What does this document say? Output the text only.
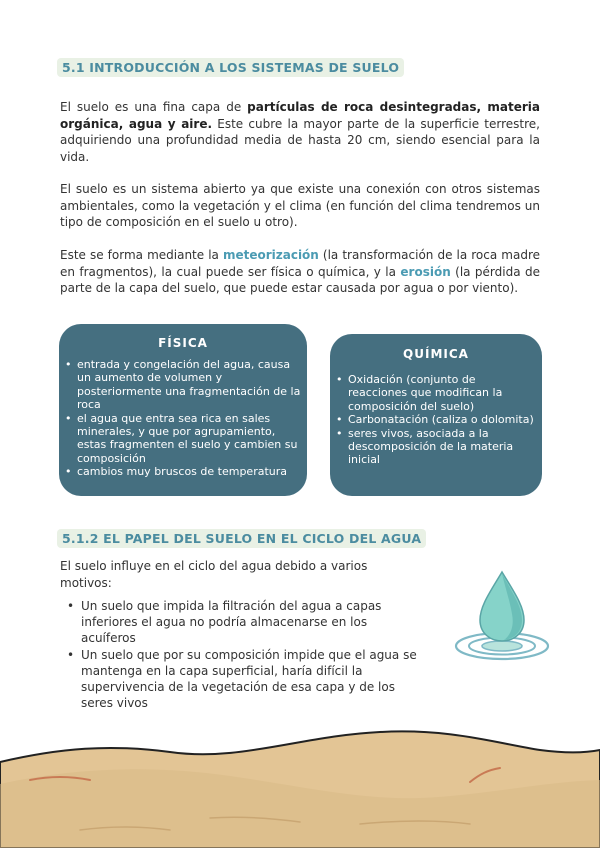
5.1 INTRODUCCIÓN A LOS SISTEMAS DE SUELO
El suelo es una fina capa de partículas de roca desintegradas, materia orgánica, agua y aire. Este cubre la mayor parte de la superficie terrestre, adquiriendo una profundidad media de hasta 20 cm, siendo esencial para la vida.
El suelo es un sistema abierto ya que existe una conexión con otros sistemas ambientales, como la vegetación y el clima (en función del clima tendremos un tipo de composición en el suelo u otro).
Este se forma mediante la meteorización (la transformación de la roca madre en fragmentos), la cual puede ser física o química, y la erosión (la pérdida de parte de la capa del suelo, que puede estar causada por agua o por viento).
FÍSICA
• entrada y congelación del agua, causa un aumento de volumen y posteriormente una fragmentación de la roca
• el agua que entra sea rica en sales minerales, y que por agrupamiento, estas fragmenten el suelo y cambien su composición
• cambios muy bruscos de temperatura
QUÍMICA
• Oxidación (conjunto de reacciones que modifican la composición del suelo)
• Carbonatación (caliza o dolomita)
• seres vivos, asociada a la descomposición de la materia inicial
5.1.2 EL PAPEL DEL SUELO EN EL CICLO DEL AGUA
El suelo influye en el ciclo del agua debido a varios motivos:
• Un suelo que impida la filtración del agua a capas inferiores el agua no podría almacenarse en los acuíferos
• Un suelo que por su composición impide que el agua se mantenga en la capa superficial, haría difícil la supervivencia de la vegetación de esa capa y de los seres vivos
